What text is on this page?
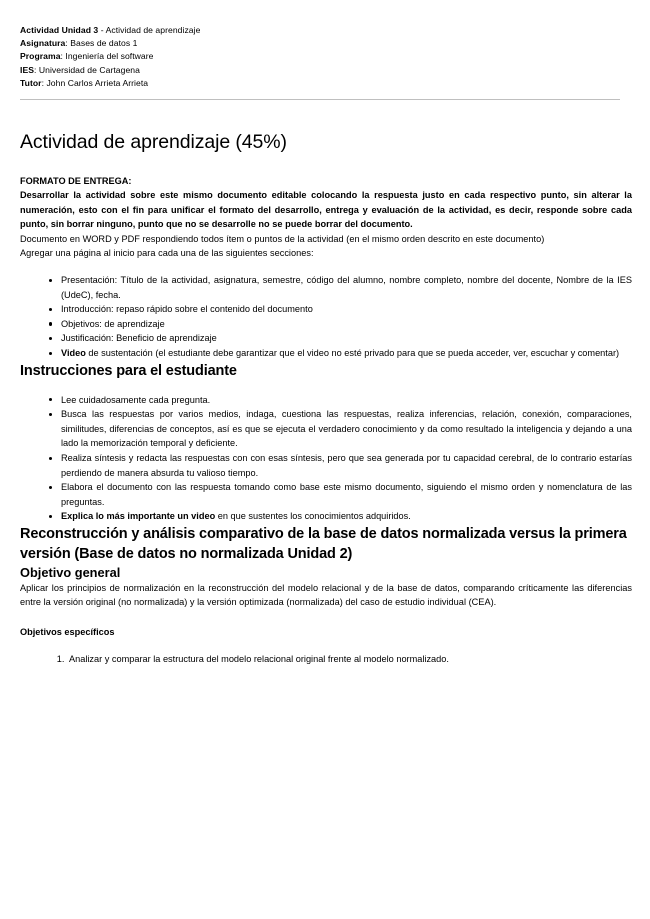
Actividad Unidad 3 - Actividad de aprendizaje
Asignatura: Bases de datos 1
Programa: Ingeniería del software
IES: Universidad de Cartagena
Tutor: John Carlos Arrieta Arrieta
Actividad de aprendizaje (45%)
FORMATO DE ENTREGA:

Desarrollar la actividad sobre este mismo documento editable colocando la respuesta justo en cada respectivo punto, sin alterar la numeración, esto con el fin para unificar el formato del desarrollo, entrega y evaluación de la actividad, es decir, responde sobre cada punto, sin borrar ninguno, punto que no se desarrolle no se puede borrar del documento.

Documento en WORD y PDF respondiendo todos ítem o puntos de la actividad (en el mismo orden descrito en este documento)

Agregar una página al inicio para cada una de las siguientes secciones:

Presentación: Título de la actividad, asignatura, semestre, código del alumno, nombre completo, nombre del docente, Nombre de la IES (UdeC), fecha.
Introducción: repaso rápido sobre el contenido del documento
Objetivos: de aprendizaje
Justificación: Beneficio de aprendizaje
Video de sustentación (el estudiante debe garantizar que el video no esté privado para que se pueda acceder, ver, escuchar y comentar)
Instrucciones para el estudiante
Lee cuidadosamente cada pregunta.
Busca las respuestas por varios medios, indaga, cuestiona las respuestas, realiza inferencias, relación, conexión, comparaciones, similitudes, diferencias de conceptos, así es que se ejecuta el verdadero conocimiento y da como resultado la inteligencia y dejando a una lado la memorización temporal y deficiente.
Realiza síntesis y redacta las respuestas con con esas síntesis, pero que sea generada por tu capacidad cerebral, de lo contrario estarías perdiendo de manera absurda tu valioso tiempo.
Elabora el documento con las respuesta tomando como base este mismo documento, siguiendo el mismo orden y nomenclatura de las preguntas.
Explica lo más importante un video en que sustentes los conocimientos adquiridos.
Reconstrucción y análisis comparativo de la base de datos normalizada versus la primera versión (Base de datos no normalizada Unidad 2)
Objetivo general

Aplicar los principios de normalización en la reconstrucción del modelo relacional y de la base de datos, comparando críticamente las diferencias entre la versión original (no normalizada) y la versión optimizada (normalizada) del caso de estudio individual (CEA).

Objetivos específicos
1. Analizar y comparar la estructura del modelo relacional original frente al modelo normalizado.
